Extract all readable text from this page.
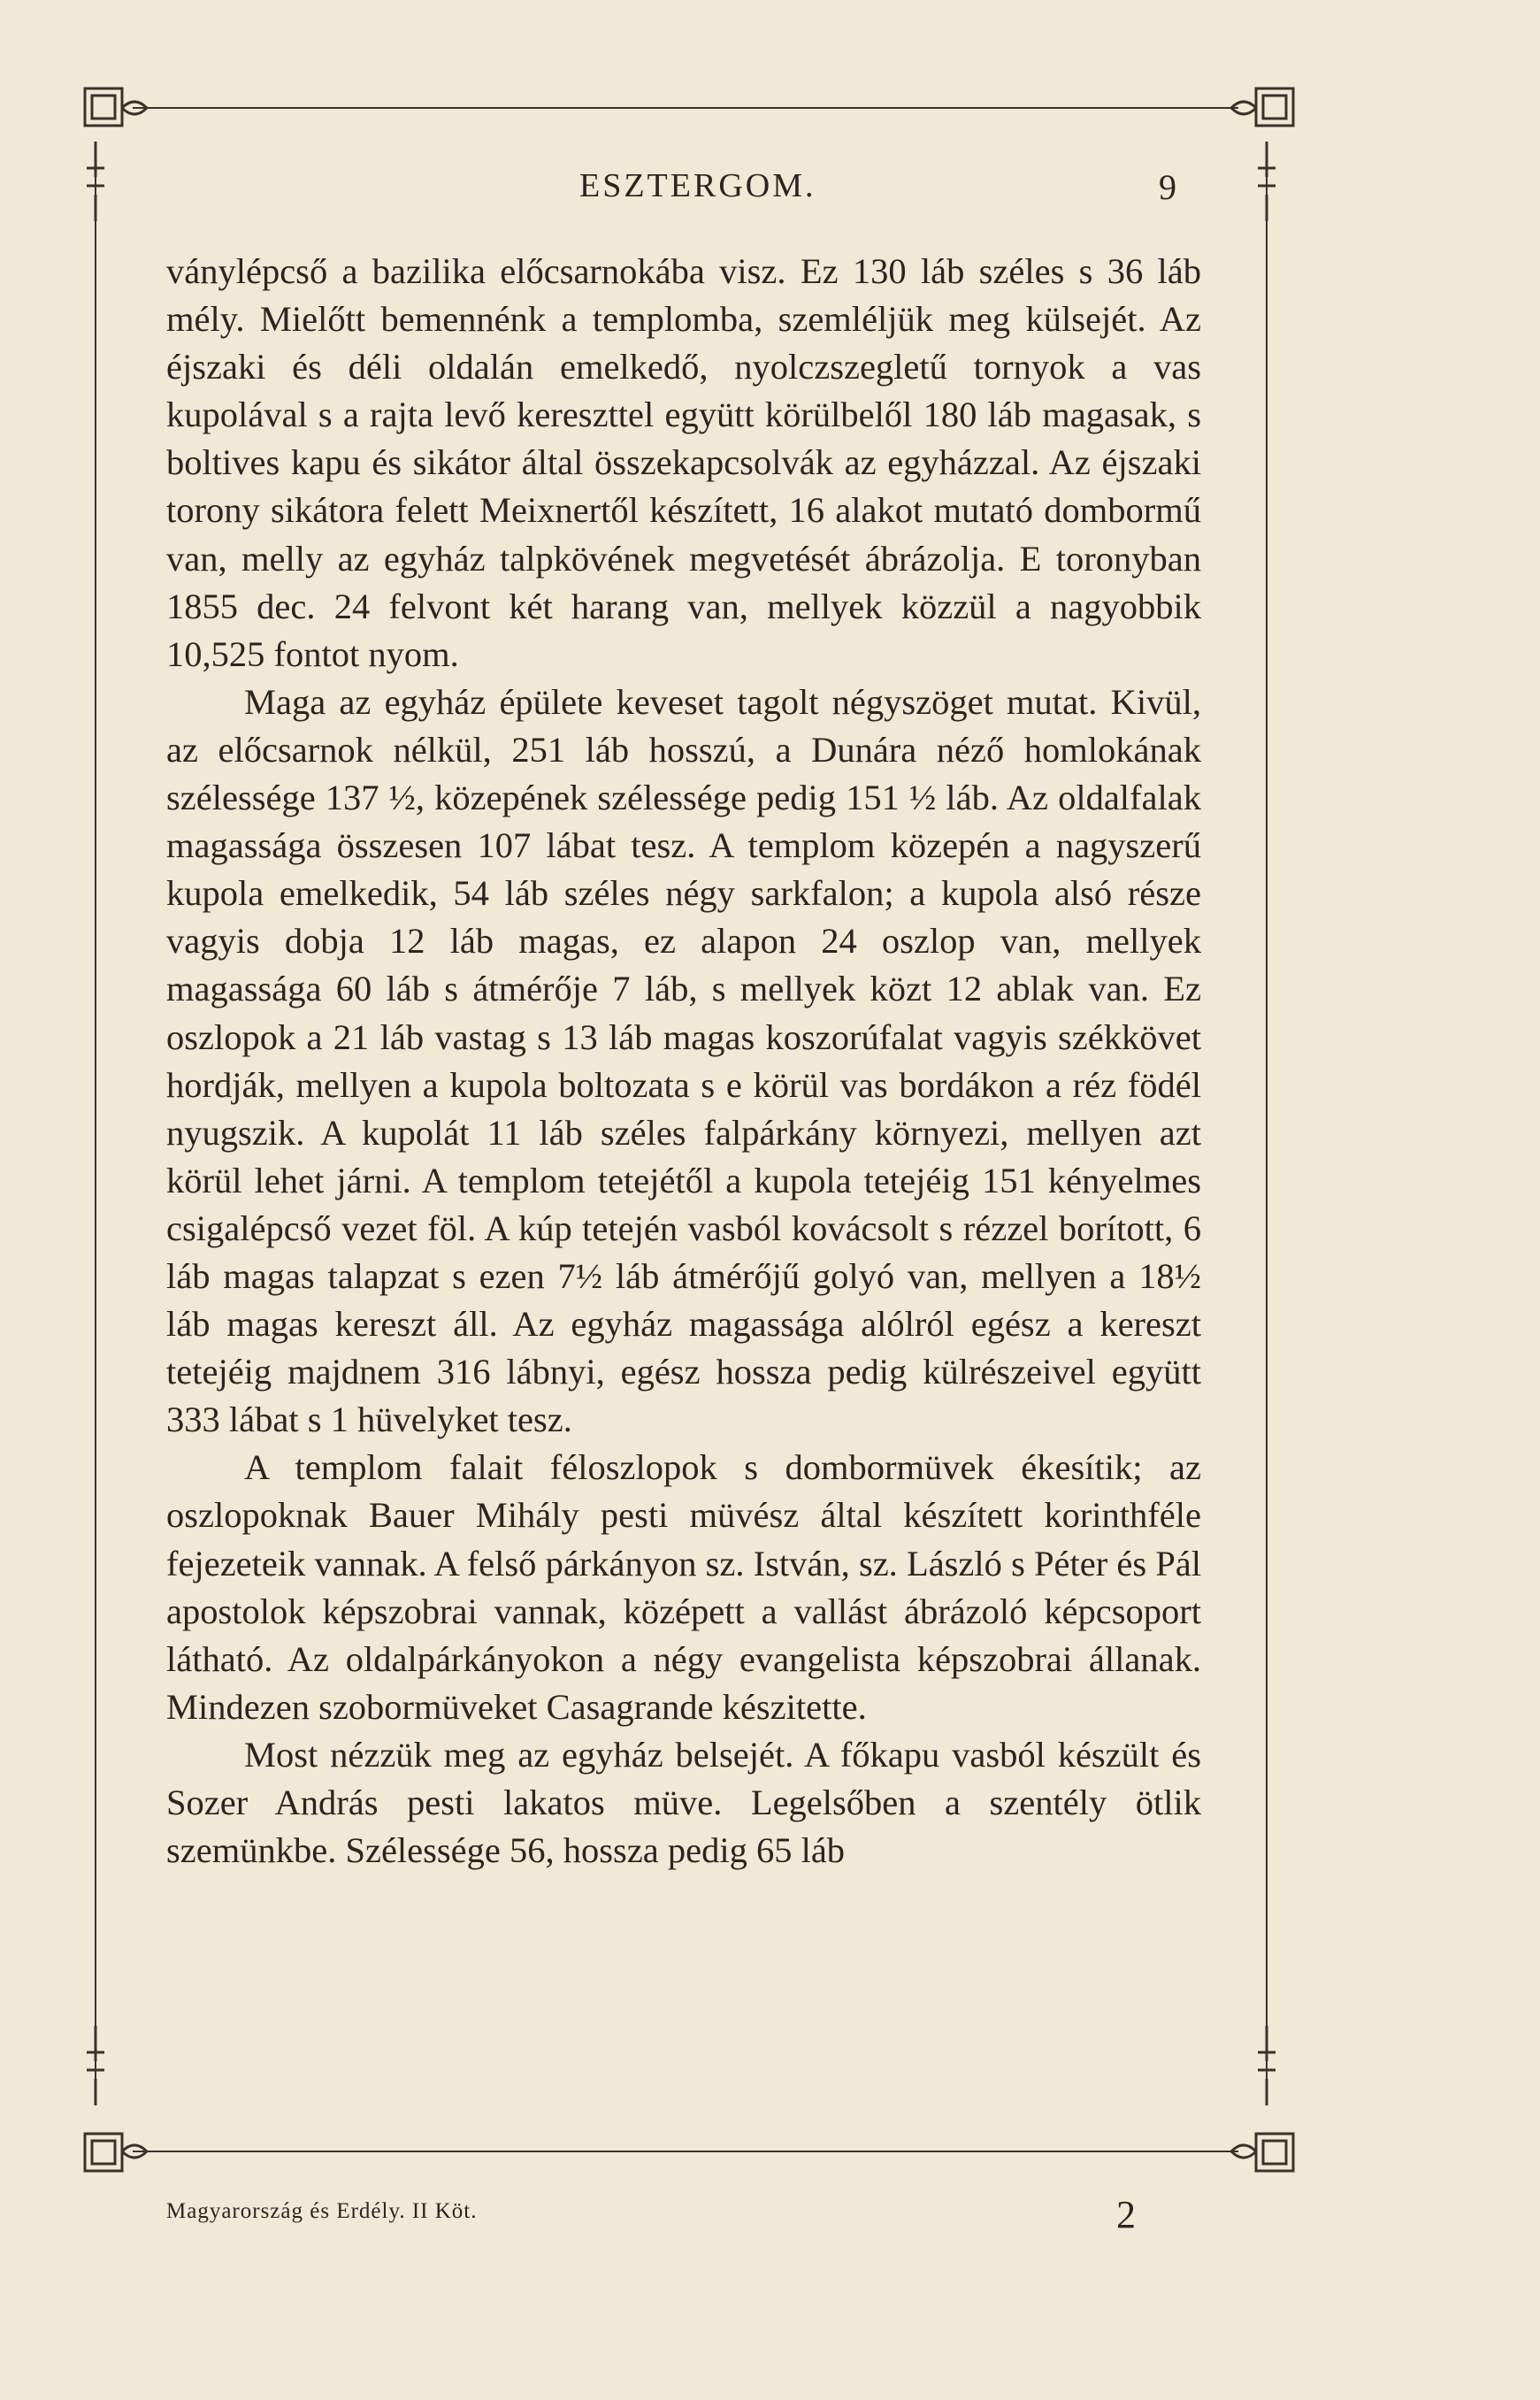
ESZTERGOM.	9

ványlépcső a bazilika előcsarnokába visz. Ez 130 láb széles s 36 láb mély. Mielőtt bemennénk a templomba, szemléljük meg külsejét. Az éjszaki és déli oldalán emelkedő, nyolczszegletű tornyok a vas kupolával s a rajta levő kereszttel együtt körülbelől 180 láb magasak, s boltives kapu és sikátor által összekapcsolvák az egyházzal. Az éjszaki torony sikátora felett Meixnertől készített, 16 alakot mutató dombormű van, melly az egyház talpkövének megvetését ábrázolja. E toronyban 1855 dec. 24 felvont két harang van, mellyek közzül a nagyobbik 10,525 fontot nyom.

Maga az egyház épülete keveset tagolt négyszöget mutat. Kivül, az előcsarnok nélkül, 251 láb hosszú, a Dunára néző homlokának szélessége 137 ½, közepének szélessége pedig 151 ½ láb. Az oldalfalak magassága összesen 107 lábat tesz. A templom közepén a nagyszerű kupola emelkedik, 54 láb széles négy sarkfalon; a kupola alsó része vagyis dobja 12 láb magas, ez alapon 24 oszlop van, mellyek magassága 60 láb s átmérője 7 láb, s mellyek közt 12 ablak van. Ez oszlopok a 21 láb vastag s 13 láb magas koszorúfalat vagyis székkövet hordják, mellyen a kupola boltozata s e körül vas bordákon a réz födél nyugszik. A kupolát 11 láb széles falpárkány környezi, mellyen azt körül lehet járni. A templom tetejétől a kupola tetejéig 151 kényelmes csigalépcső vezet föl. A kúp tetején vasból kovácsolt s rézzel borított, 6 láb magas talapzat s ezen 7½ láb átmérőjű golyó van, mellyen a 18½ láb magas kereszt áll. Az egyház magassága alólról egész a kereszt tetejéig majdnem 316 lábnyi, egész hossza pedig külrészeivel együtt 333 lábat s 1 hüvelyket tesz.

A templom falait féloszlopok s dombormüvek ékesítik; az oszlopoknak Bauer Mihály pesti müvész által készített korinthféle fejezeteik vannak. A felső párkányon sz. István, sz. László s Péter és Pál apostolok képszobrai vannak, középett a vallást ábrázoló képcsoport látható. Az oldalpárkányokon a négy evangelista képszobrai állanak. Mindezen szobormüveket Casagrande készitette.

Most nézzük meg az egyház belsejét. A főkapu vasból készült és Sozer András pesti lakatos müve. Legelsőben a szentély ötlik szemünkbe. Szélessége 56, hossza pedig 65 láb

Magyarország és Erdély. II Köt.	2
